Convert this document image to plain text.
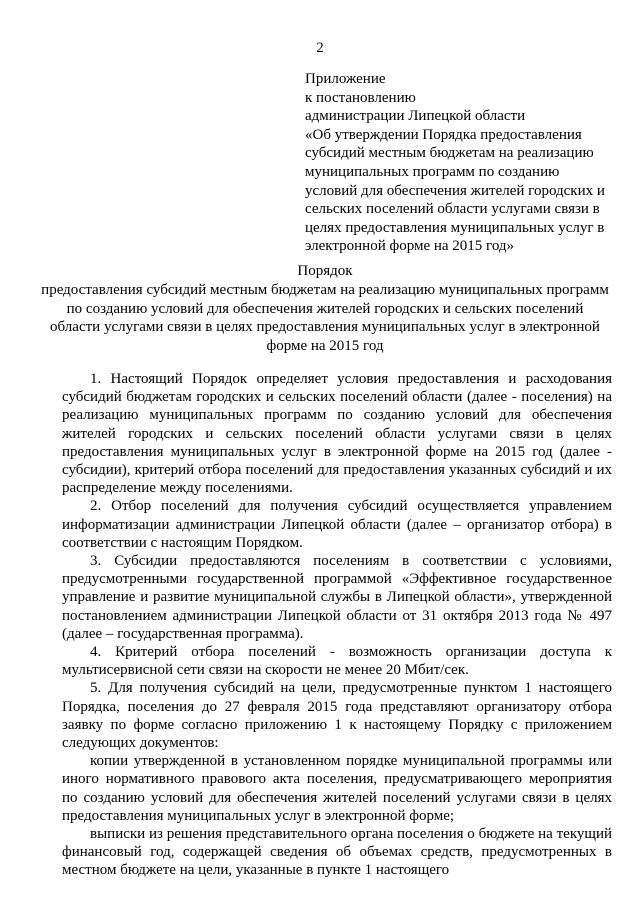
2
Приложение
к постановлению
администрации Липецкой области
«Об утверждении Порядка предоставления
субсидий местным бюджетам на реализацию
муниципальных программ по созданию
условий для обеспечения жителей городских и
сельских поселений области услугами связи в
целях предоставления муниципальных услуг в
электронной форме на 2015 год»
Порядок
предоставления субсидий местным бюджетам на реализацию муниципальных программ по созданию условий для обеспечения жителей городских и сельских поселений области услугами связи в целях предоставления муниципальных услуг в электронной форме на 2015 год

1. Настоящий Порядок определяет условия предоставления и расходования субсидий бюджетам городских и сельских поселений области (далее - поселения) на реализацию муниципальных программ по созданию условий для обеспечения жителей городских и сельских поселений области услугами связи в целях предоставления муниципальных услуг в электронной форме на 2015 год (далее - субсидии), критерий отбора поселений для предоставления указанных субсидий и их распределение между поселениями.

2. Отбор поселений для получения субсидий осуществляется управлением информатизации администрации Липецкой области (далее – организатор отбора) в соответствии с настоящим Порядком.

3. Субсидии предоставляются поселениям в соответствии с условиями, предусмотренными государственной программой «Эффективное государственное управление и развитие муниципальной службы в Липецкой области», утвержденной постановлением администрации Липецкой области от 31 октября 2013 года № 497 (далее – государственная программа).

4. Критерий отбора поселений - возможность организации доступа к мультисервисной сети связи на скорости не менее 20 Мбит/сек.

5. Для получения субсидий на цели, предусмотренные пунктом 1 настоящего Порядка, поселения до 27 февраля 2015 года представляют организатору отбора заявку по форме согласно приложению 1 к настоящему Порядку с приложением следующих документов:

копии утвержденной в установленном порядке муниципальной программы или иного нормативного правового акта поселения, предусматривающего мероприятия по созданию условий для обеспечения жителей поселений услугами связи в целях предоставления муниципальных услуг в электронной форме;

выписки из решения представительного органа поселения о бюджете на текущий финансовый год, содержащей сведения об объемах средств, предусмотренных в местном бюджете на цели, указанные в пункте 1 настоящего
